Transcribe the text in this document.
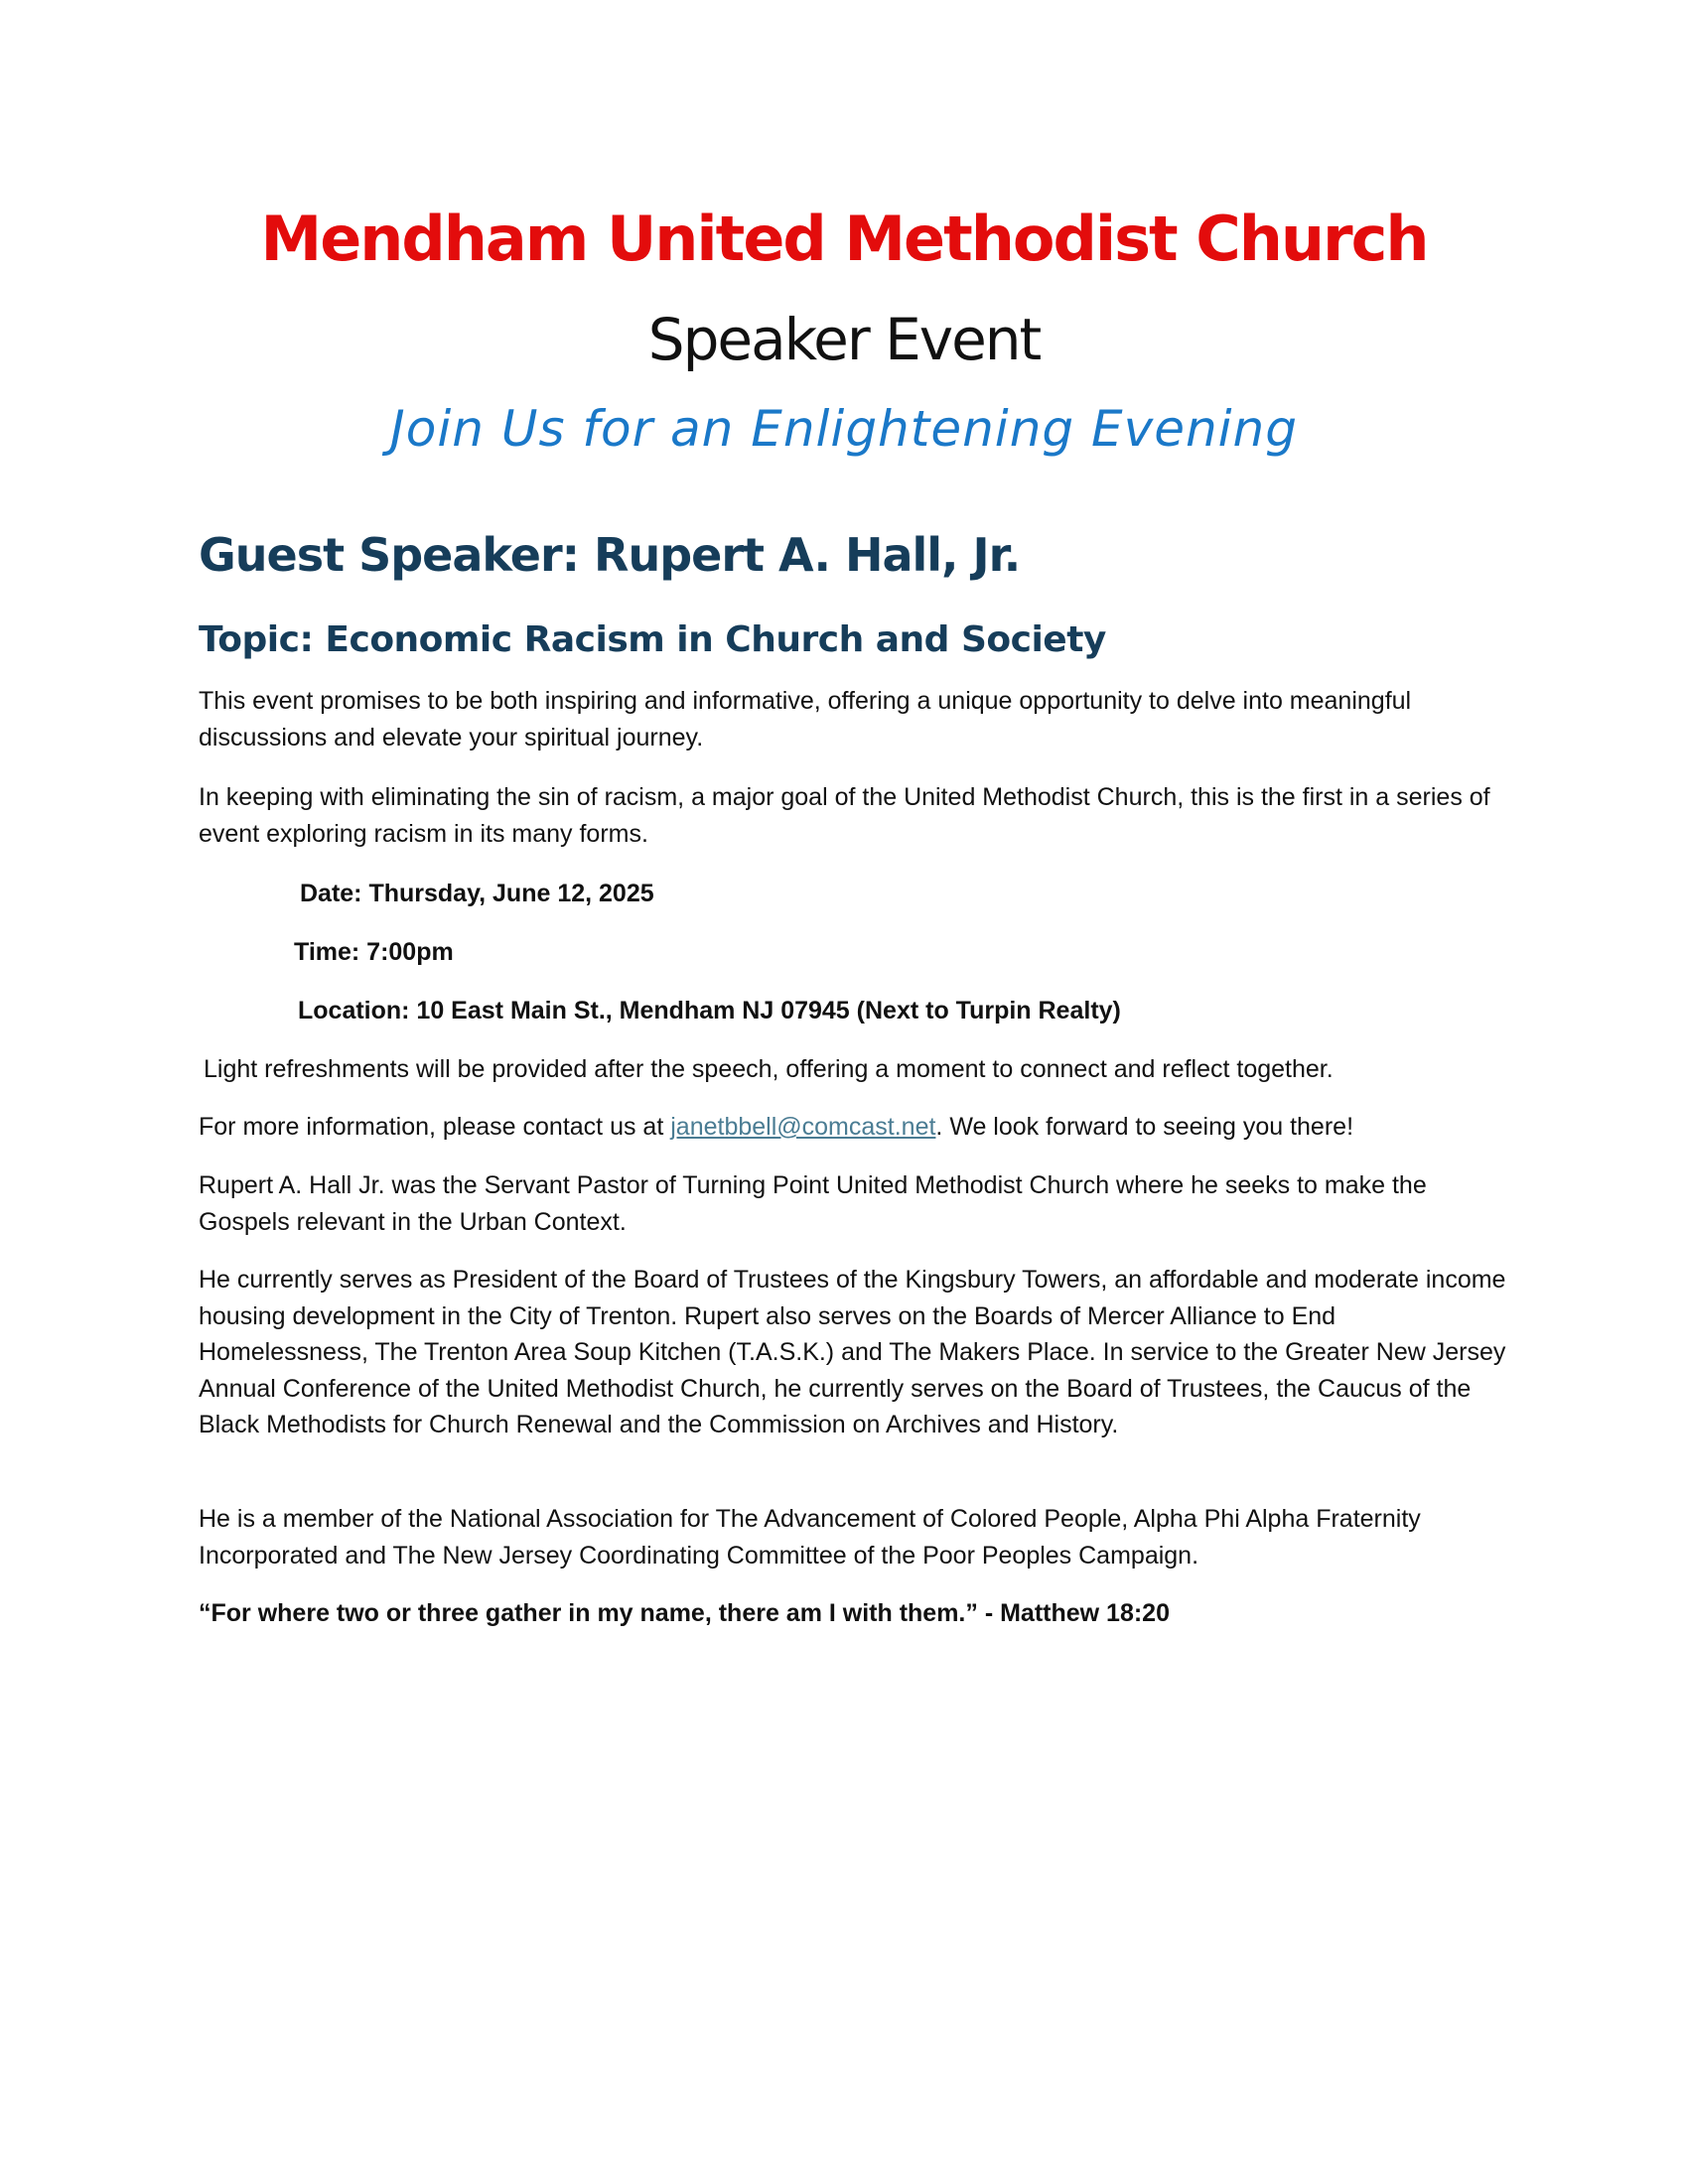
Mendham United Methodist Church
Speaker Event
Join Us for an Enlightening Evening
Guest Speaker: Rupert A. Hall, Jr.
Topic: Economic Racism in Church and Society

This event promises to be both inspiring and informative, offering a unique opportunity to delve into meaningful discussions and elevate your spiritual journey.

In keeping with eliminating the sin of racism, a major goal of the United Methodist Church, this is the first in a series of event exploring racism in its many forms.

Date: Thursday, June 12, 2025

Time: 7:00pm

Location: 10 East Main St., Mendham NJ 07945 (Next to Turpin Realty)

Light refreshments will be provided after the speech, offering a moment to connect and reflect together.

For more information, please contact us at janetbbell@comcast.net. We look forward to seeing you there!

Rupert A. Hall Jr. was the Servant Pastor of Turning Point United Methodist Church where he seeks to make the Gospels relevant in the Urban Context.

He currently serves as President of the Board of Trustees of the Kingsbury Towers, an affordable and moderate income housing development in the City of Trenton. Rupert also serves on the Boards of Mercer Alliance to End Homelessness, The Trenton Area Soup Kitchen (T.A.S.K.) and The Makers Place. In service to the Greater New Jersey Annual Conference of the United Methodist Church, he currently serves on the Board of Trustees, the Caucus of the Black Methodists for Church Renewal and the Commission on Archives and History.

He is a member of the National Association for The Advancement of Colored People, Alpha Phi Alpha Fraternity Incorporated and The New Jersey Coordinating Committee of the Poor Peoples Campaign.

“For where two or three gather in my name, there am I with them.” - Matthew 18:20
